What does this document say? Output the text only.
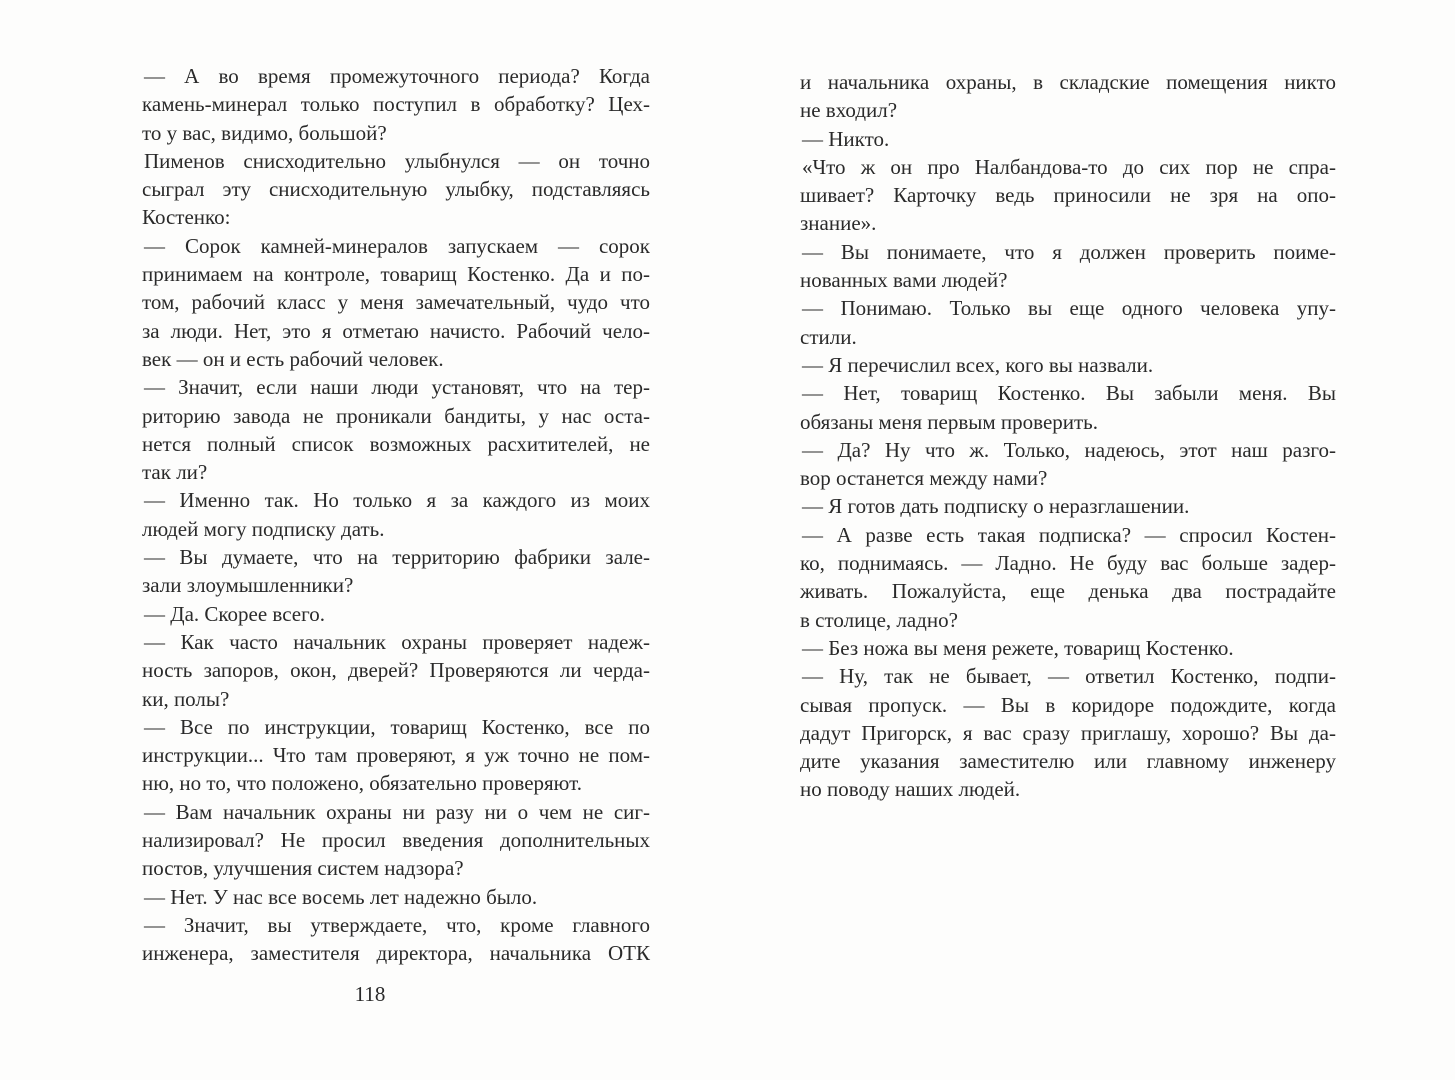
— А во время промежуточного периода? Когда
камень-минерал только поступил в обработку? Цех-
то у вас, видимо, большой?
Пименов снисходительно улыбнулся — он точно
сыграл эту снисходительную улыбку, подставляясь
Костенко:
— Сорок камней-минералов запускаем — сорок
принимаем на контроле, товарищ Костенко. Да и по-
том, рабочий класс у меня замечательный, чудо что
за люди. Нет, это я отметаю начисто. Рабочий чело-
век — он и есть рабочий человек.
— Значит, если наши люди установят, что на тер-
риторию завода не проникали бандиты, у нас оста-
нется полный список возможных расхитителей, не
так ли?
— Именно так. Но только я за каждого из моих
людей могу подписку дать.
— Вы думаете, что на территорию фабрики зале-
зали злоумышленники?
— Да. Скорее всего.
— Как часто начальник охраны проверяет надеж-
ность запоров, окон, дверей? Проверяются ли черда-
ки, полы?
— Все по инструкции, товарищ Костенко, все по
инструкции... Что там проверяют, я уж точно не пом-
ню, но то, что положено, обязательно проверяют.
— Вам начальник охраны ни разу ни о чем не сиг-
нализировал? Не просил введения дополнительных
постов, улучшения систем надзора?
— Нет. У нас все восемь лет надежно было.
— Значит, вы утверждаете, что, кроме главного
инженера, заместителя директора, начальника ОТК
и начальника охраны, в складские помещения никто
не входил?
— Никто.
«Что ж он про Налбандова-то до сих пор не спра-
шивает? Карточку ведь приносили не зря на опо-
знание».
— Вы понимаете, что я должен проверить поиме-
нованных вами людей?
— Понимаю. Только вы еще одного человека упу-
стили.
— Я перечислил всех, кого вы назвали.
— Нет, товарищ Костенко. Вы забыли меня. Вы
обязаны меня первым проверить.
— Да? Ну что ж. Только, надеюсь, этот наш разго-
вор останется между нами?
— Я готов дать подписку о неразглашении.
— А разве есть такая подписка? — спросил Костен-
ко, поднимаясь. — Ладно. Не буду вас больше задер-
живать. Пожалуйста, еще денька два пострадайте
в столице, ладно?
— Без ножа вы меня режете, товарищ Костенко.
— Ну, так не бывает, — ответил Костенко, подпи-
сывая пропуск. — Вы в коридоре подождите, когда
дадут Пригорск, я вас сразу приглашу, хорошо? Вы да-
дите указания заместителю или главному инженеру
но поводу наших людей.
118
